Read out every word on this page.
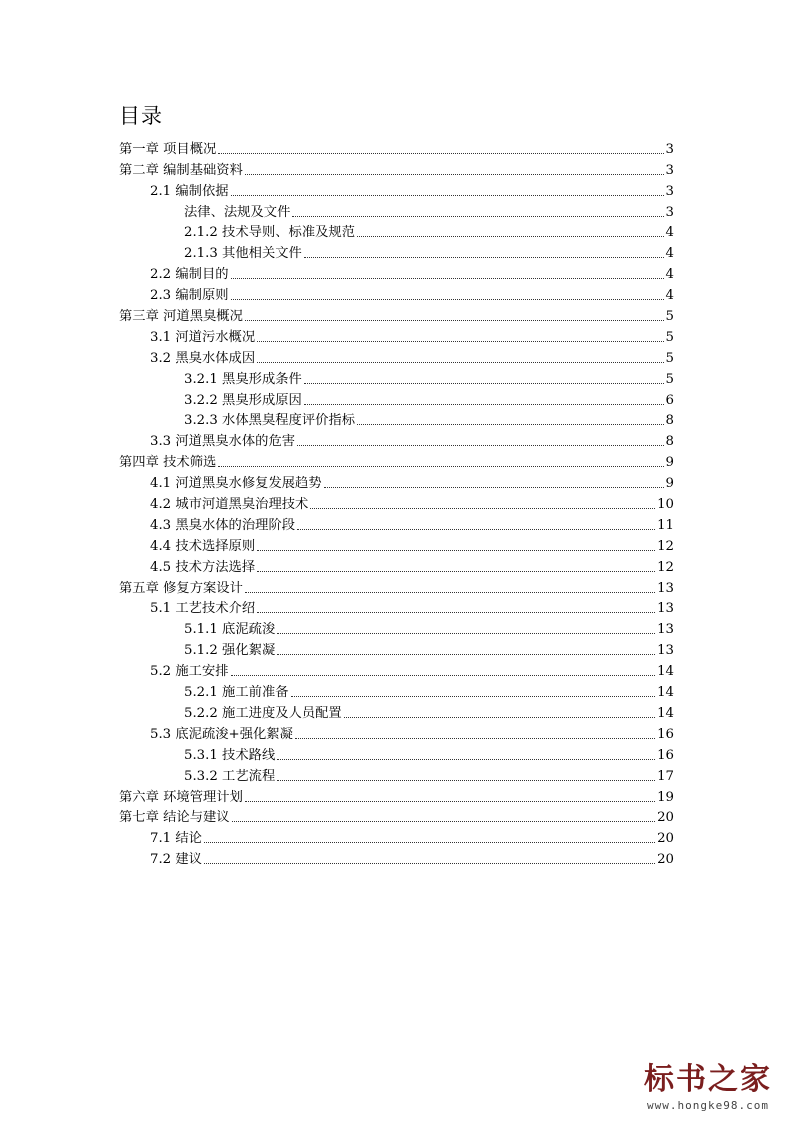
目录
第一章 项目概况	3
第二章 编制基础资料	3
2.1 编制依据	3
法律、法规及文件	3
2.1.2 技术导则、标准及规范	4
2.1.3 其他相关文件	4
2.2 编制目的	4
2.3 编制原则	4
第三章 河道黑臭概况	5
3.1 河道污水概况	5
3.2 黑臭水体成因	5
3.2.1 黑臭形成条件	5
3.2.2 黑臭形成原因	6
3.2.3 水体黑臭程度评价指标	8
3.3 河道黑臭水体的危害	8
第四章 技术筛选	9
4.1 河道黑臭水修复发展趋势	9
4.2 城市河道黑臭治理技术	10
4.3 黑臭水体的治理阶段	11
4.4 技术选择原则	12
4.5 技术方法选择	12
第五章 修复方案设计	13
5.1 工艺技术介绍	13
5.1.1 底泥疏浚	13
5.1.2 强化絮凝	13
5.2 施工安排	14
5.2.1 施工前准备	14
5.2.2 施工进度及人员配置	14
5.3 底泥疏浚+强化絮凝	16
5.3.1 技术路线	16
5.3.2 工艺流程	17
第六章 环境管理计划	19
第七章 结论与建议	20
7.1 结论	20
7.2 建议	20
标书之家
www.hongke98.com
